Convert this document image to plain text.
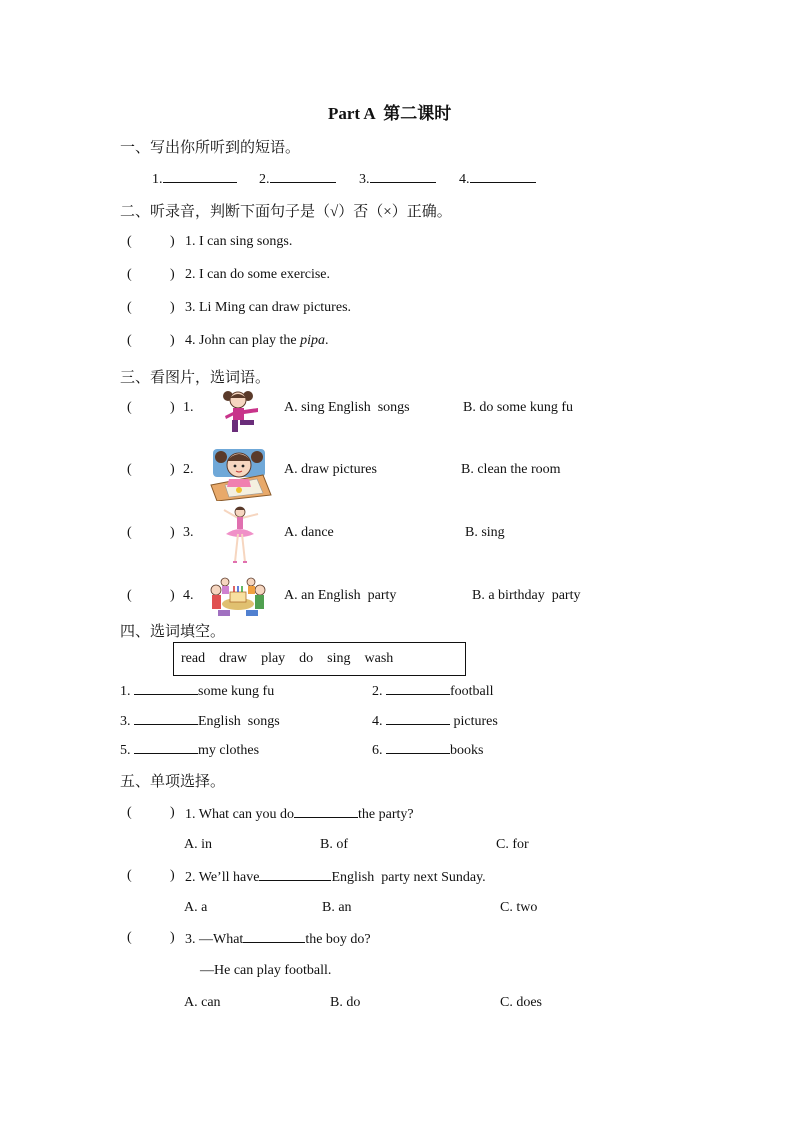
Part A  第二课时
一、写出你所听到的短语。
1.	2.	3.	4.
二、听录音，判断下面句子是（√）否（×）正确。
(	) 1. I can sing songs.
(	) 2. I can do some exercise.
(	) 3. Li Ming can draw pictures.
(	) 4. John can play the pipa.
三、看图片，选词语。
(	) 1.	A. sing English  songs	B. do some kung fu
(	) 2.	A. draw pictures	B. clean the room
(	) 3.	A. dance	B. sing
(	) 4.	A. an English  party	B. a birthday  party
四、选词填空。
read    draw    play    do    sing    wash
1.	some kung fu	2.	football
3.	English  songs	4.	pictures
5.	my clothes	6.	books
五、单项选择。
(	) 1. What can you do	the party?
A. in	B. of	C. for
(	) 2. We’ll have	English  party next Sunday.
A. a	B. an	C. two
(	) 3. —What	the boy do?
—He can play football.
A. can	B. do	C. does
